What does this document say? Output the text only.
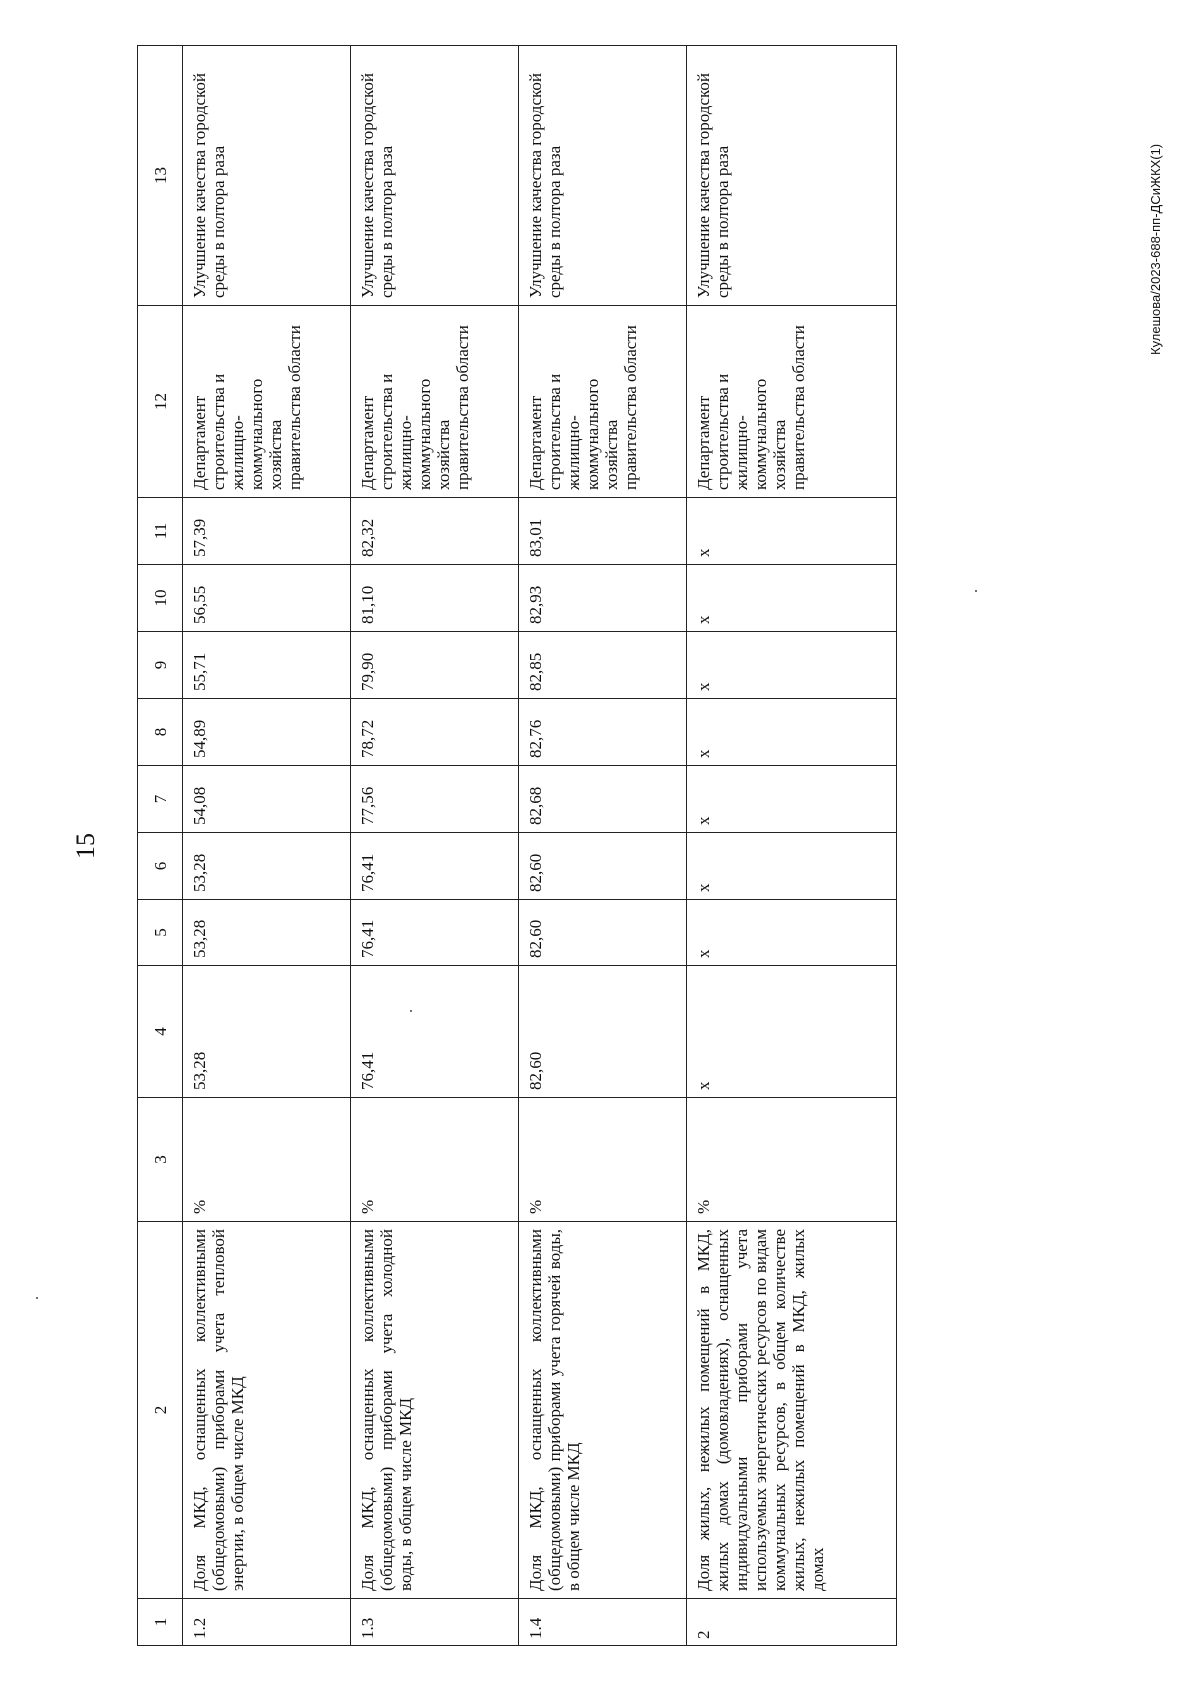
15
1	2	3	4	5	6	7	8	9	10	11	12	13
1.2	Доля МКД, оснащенных коллективными (общедомовыми) приборами учета тепловой энергии, в общем числе МКД	%	53,28	53,28	53,28	54,08	54,89	55,71	56,55	57,39	Департамент строительства и жилищно-коммунального хозяйства правительства области	Улучшение качества городской среды в полтора раза
1.3	Доля МКД, оснащенных коллективными (общедомовыми) приборами учета холодной воды, в общем числе МКД	%	76,41	76,41	76,41	77,56	78,72	79,90	81,10	82,32	Департамент строительства и жилищно-коммунального хозяйства правительства области	Улучшение качества городской среды в полтора раза
1.4	Доля МКД, оснащенных коллективными (общедомовыми) приборами учета горячей воды, в общем числе МКД	%	82,60	82,60	82,60	82,68	82,76	82,85	82,93	83,01	Департамент строительства и жилищно-коммунального хозяйства правительства области	Улучшение качества городской среды в полтора раза
2	Доля жилых, нежилых помещений в МКД, жилых домах (домовладениях), оснащенных индивидуальными приборами учета используемых энергетических ресурсов по видам коммунальных ресурсов, в общем количестве жилых, нежилых помещений в МКД, жилых домах	%	x	x	x	x	x	x	x	x	Департамент строительства и жилищно-коммунального хозяйства правительства области	Улучшение качества городской среды в полтора раза	Кулешова/2023-688-пп-ДСиЖКХ(1)
